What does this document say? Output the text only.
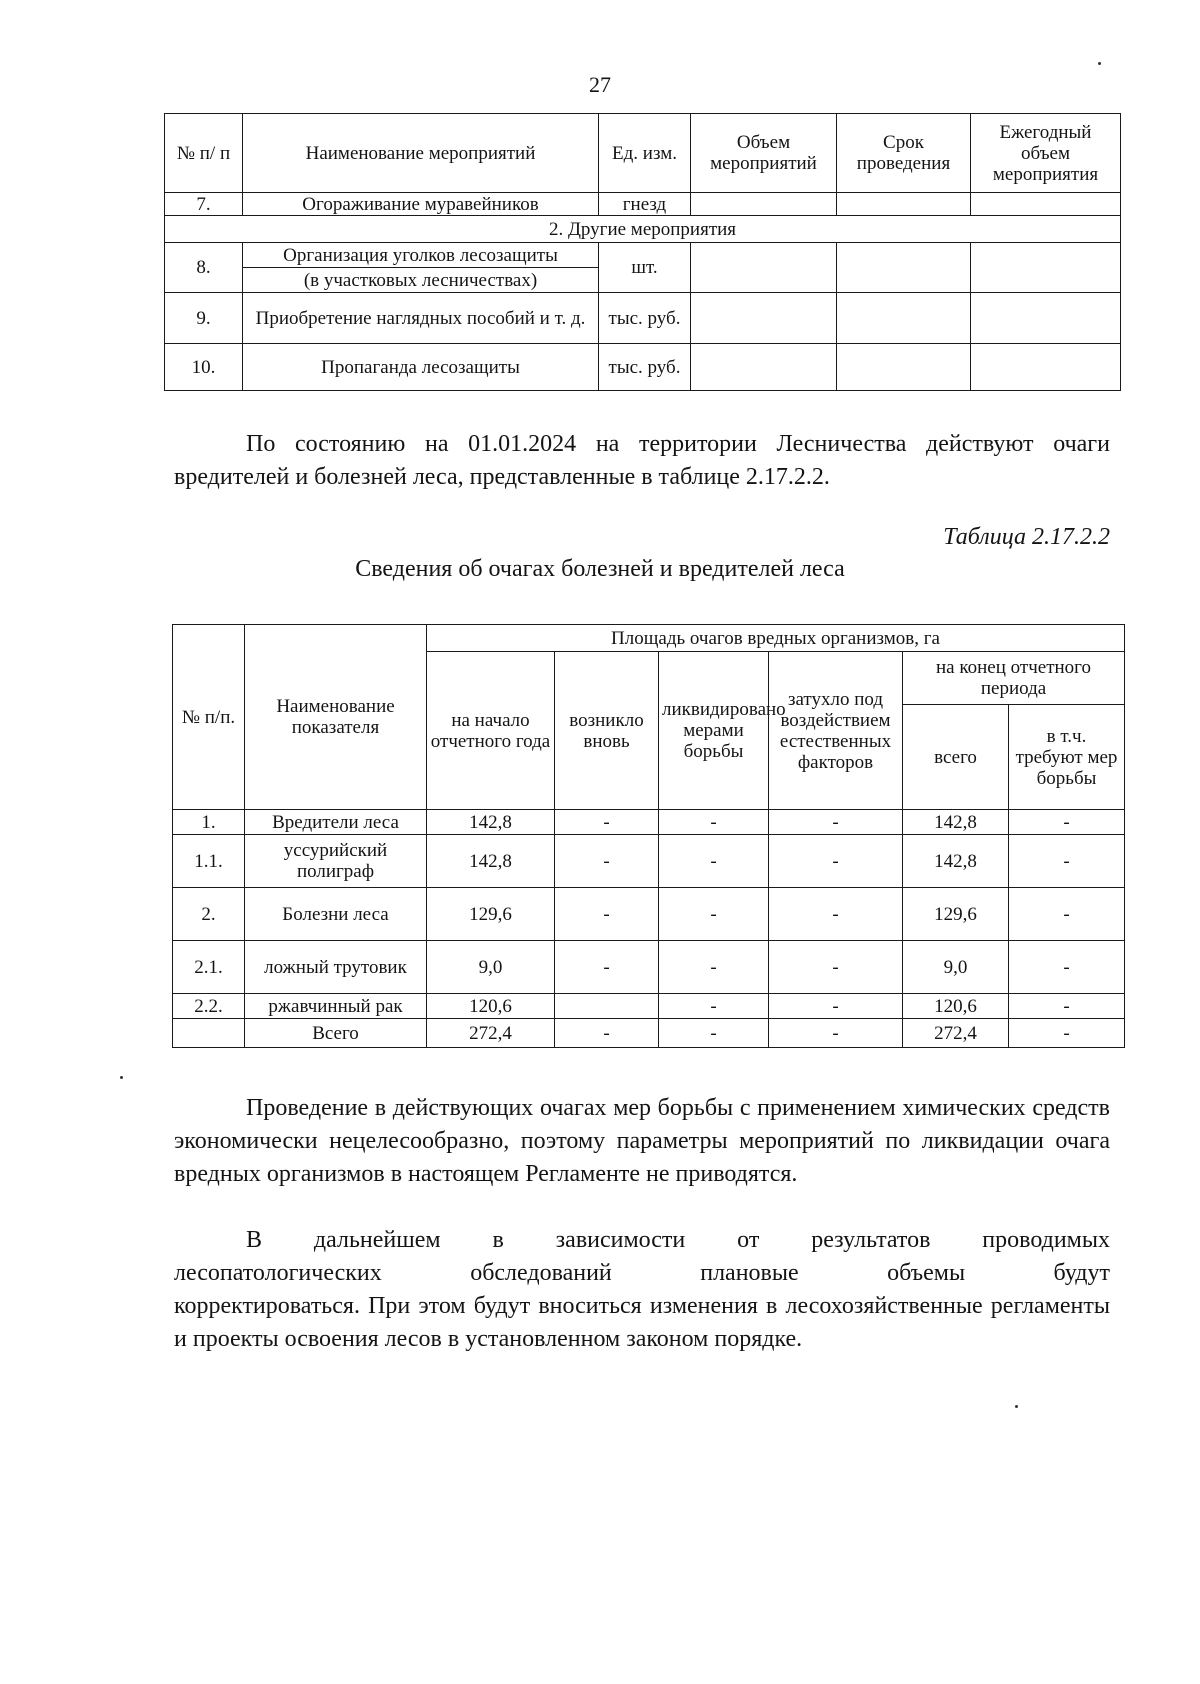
27
№ п/ п	Наименование мероприятий	Ед. изм.	Объем мероприятий	Срок проведения	Ежегодный объем мероприятия
7.	Огораживание муравейников	гнезд			
2. Другие мероприятия					
8.	Организация уголков лесозащиты	шт.			
	(в участковых лесничествах)				
9.	Приобретение наглядных пособий и т. д.	тыс. руб.			
10.	Пропаганда лесозащиты	тыс. руб.			

По состоянию на 01.01.2024 на территории Лесничества действуют очаги вредителей и болезней леса, представленные в таблице 2.17.2.2.

Таблица 2.17.2.2
Сведения об очагах болезней и вредителей леса
№ п/п.	Наименование показателя	Площадь очагов вредных организмов, га					
		на начало отчетного года	возникло вновь	ликвидировано мерами борьбы	затухло под воздействием естественных факторов	на конец отчетного периода	
						всего	в т.ч. требуют мер борьбы
1.	Вредители леса	142,8	-	-	-	142,8	-
1.1.	уссурийский полиграф	142,8	-	-	-	142,8	-
2.	Болезни леса	129,6	-	-	-	129,6	-
2.1.	ложный трутовик	9,0	-	-	-	9,0	-
2.2.	ржавчинный рак	120,6		-	-	120,6	-
	Всего	272,4	-	-	-	272,4	-

Проведение в действующих очагах мер борьбы с применением химических средств экономически нецелесообразно, поэтому параметры мероприятий по ликвидации очага вредных организмов в настоящем Регламенте не приводятся.

В дальнейшем в зависимости от результатов проводимых

лесопатологических обследований плановые объемы будут

корректироваться. При этом будут вноситься изменения в лесохозяйственные регламенты и проекты освоения лесов в установленном законом порядке.
